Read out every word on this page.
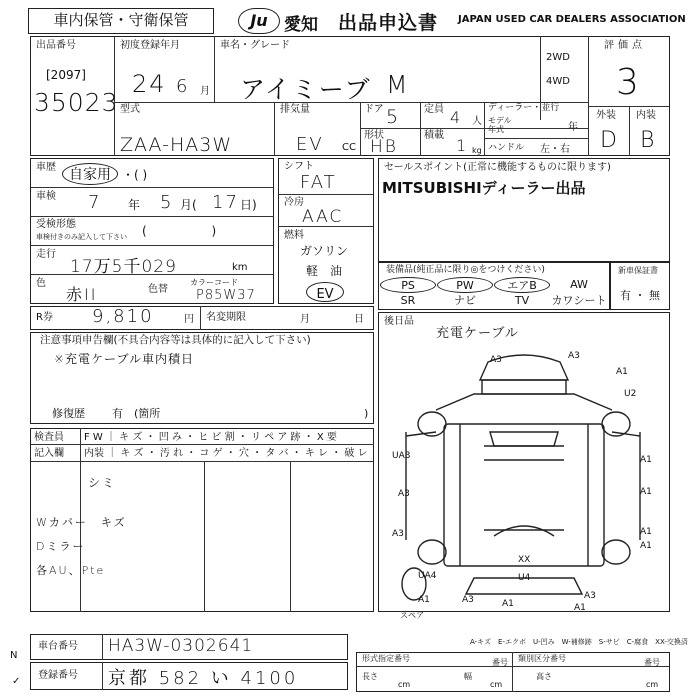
車内保管・守衛保管	Ju 愛知 出品申込書 JAPAN USED CAR DEALERS ASSOCIATION
出品番号
[2097]
35023
初度登録年月
24 6 月
車名・グレード
アイミーブ M
2WD
4WD
評価点
3
型式
ZAA-HA3W
排気量
EV CC
ドア 5 定員 4 人
ディーラー・並行
モデル
年式	年
形状
HB
積載
1 kg ハンドル 左・右
外装 内装
D B
車歴 自家用 ・( )
車検 7 年 5 月( 17 日)
受検形態
車検付きのみ記入して下さい (                 )
走行
17万5千029	km
色
赤II	色替
カラーコード
P85W37
シフト
FAT
冷房
AAC
燃料
ガソリン
軽　油
EV
セールスポイント(正常に機能するものに限ります)
MITSUBISHIディーラー出品
装備品(純正品に限り◎をつけください)
PS	PW	エアB	AW
SR	ナビ	TV	カワシート
新車保証書
有 ・ 無
R券 9,810	円 名変期限	月	日
注意事項申告欄(不具合内容等は具体的に記入して下さい)
※充電ケーブル車内積日
修復歴 有　(箇所	)
後日品
充電ケーブル
検査員
記入欄
F W ｜ キ ズ ・ 凹 み ・ ヒ ビ 割 ・ リ ペ ア 跡 ・ X 要
内装 ｜ キ ズ ・ 汚 れ ・ コ ゲ ・ 穴 ・ タ バ ・ キ レ ・ 破 レ
シミ
Wカバー　キズ
Dミラー
各AU、Pte
A3	A3
A1
U2
UA3	A1
A3	A1
A3	A1
XX
U4
UA4
A1
A1	A1
A3
A1	A3
スペア
A-キズ　E-エクボ　U-凹み　W-補修跡　S-サビ　C-腐食　XX-交換済
車台番号 HA3W-0302641
登録番号 京都 582 い 4100
形式指定番号	番号 類別区分番号	番号
長さ
cm
幅
cm
高さ
cm
N
✓
